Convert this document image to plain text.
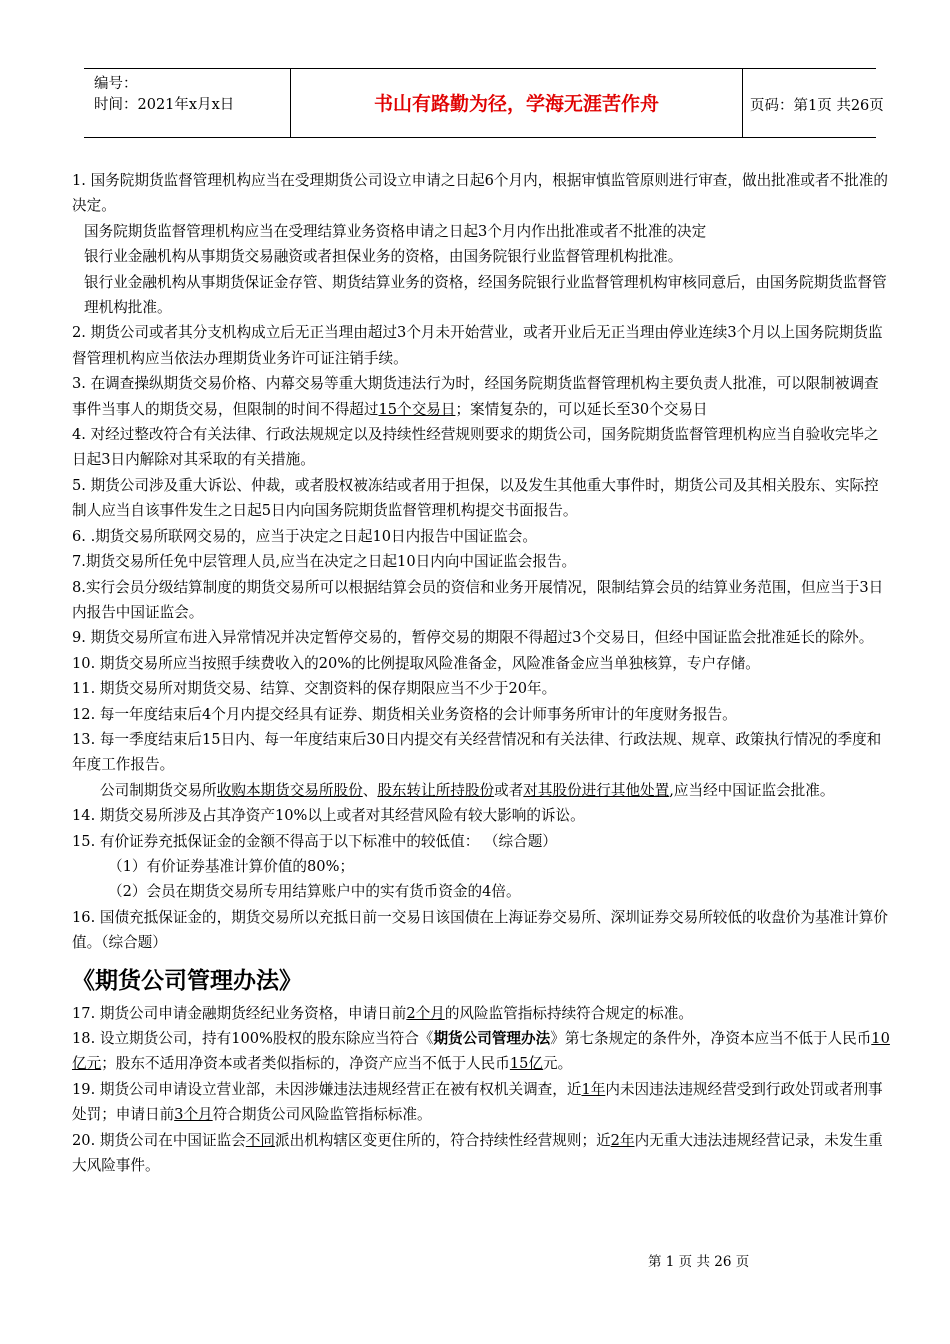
编号：
时间：2021年x月x日	书山有路勤为径，学海无涯苦作舟	页码：第1页 共26页

1. 国务院期货监督管理机构应当在受理期货公司设立申请之日起6个月内，根据审慎监管原则进行审查，做出批准或者不批准的决定。

国务院期货监督管理机构应当在受理结算业务资格申请之日起3个月内作出批准或者不批准的决定

银行业金融机构从事期货交易融资或者担保业务的资格，由国务院银行业监督管理机构批准。

银行业金融机构从事期货保证金存管、期货结算业务的资格，经国务院银行业监督管理机构审核同意后，由国务院期货监督管理机构批准。

2. 期货公司或者其分支机构成立后无正当理由超过3个月未开始营业，或者开业后无正当理由停业连续3个月以上国务院期货监督管理机构应当依法办理期货业务许可证注销手续。

3. 在调查操纵期货交易价格、内幕交易等重大期货违法行为时，经国务院期货监督管理机构主要负责人批准，可以限制被调查事件当事人的期货交易，但限制的时间不得超过15个交易日；案情复杂的，可以延长至30个交易日

4. 对经过整改符合有关法律、行政法规规定以及持续性经营规则要求的期货公司，国务院期货监督管理机构应当自验收完毕之日起3日内解除对其采取的有关措施。

5. 期货公司涉及重大诉讼、仲裁，或者股权被冻结或者用于担保，以及发生其他重大事件时，期货公司及其相关股东、实际控制人应当自该事件发生之日起5日内向国务院期货监督管理机构提交书面报告。

6. .期货交易所联网交易的，应当于决定之日起10日内报告中国证监会。

7.期货交易所任免中层管理人员,应当在决定之日起10日内向中国证监会报告。

8.实行会员分级结算制度的期货交易所可以根据结算会员的资信和业务开展情况，限制结算会员的结算业务范围，但应当于3日内报告中国证监会。

9. 期货交易所宣布进入异常情况并决定暂停交易的，暂停交易的期限不得超过3个交易日，但经中国证监会批准延长的除外。

10. 期货交易所应当按照手续费收入的20%的比例提取风险准备金，风险准备金应当单独核算，专户存储。

11. 期货交易所对期货交易、结算、交割资料的保存期限应当不少于20年。

12. 每一年度结束后4个月内提交经具有证券、期货相关业务资格的会计师事务所审计的年度财务报告。

13. 每一季度结束后15日内、每一年度结束后30日内提交有关经营情况和有关法律、行政法规、规章、政策执行情况的季度和年度工作报告。

公司制期货交易所收购本期货交易所股份、股东转让所持股份或者对其股份进行其他处置,应当经中国证监会批准。

14. 期货交易所涉及占其净资产10%以上或者对其经营风险有较大影响的诉讼。

15. 有价证券充抵保证金的金额不得高于以下标准中的较低值： （综合题）

（1）有价证券基准计算价值的80%；

（2）会员在期货交易所专用结算账户中的实有货币资金的4倍。

16. 国债充抵保证金的，期货交易所以充抵日前一交易日该国债在上海证券交易所、深圳证券交易所较低的收盘价为基准计算价值。（综合题）

《期货公司管理办法》

17. 期货公司申请金融期货经纪业务资格，申请日前2个月的风险监管指标持续符合规定的标准。

18. 设立期货公司，持有100%股权的股东除应当符合《期货公司管理办法》第七条规定的条件外，净资本应当不低于人民币10亿元；股东不适用净资本或者类似指标的，净资产应当不低于人民币15亿元。

19. 期货公司申请设立营业部，未因涉嫌违法违规经营正在被有权机关调查，近1年内未因违法违规经营受到行政处罚或者刑事处罚；申请日前3个月符合期货公司风险监管指标标准。

20. 期货公司在中国证监会不同派出机构辖区变更住所的，符合持续性经营规则；近2年内无重大违法违规经营记录，未发生重大风险事件。

第 1 页 共 26 页
